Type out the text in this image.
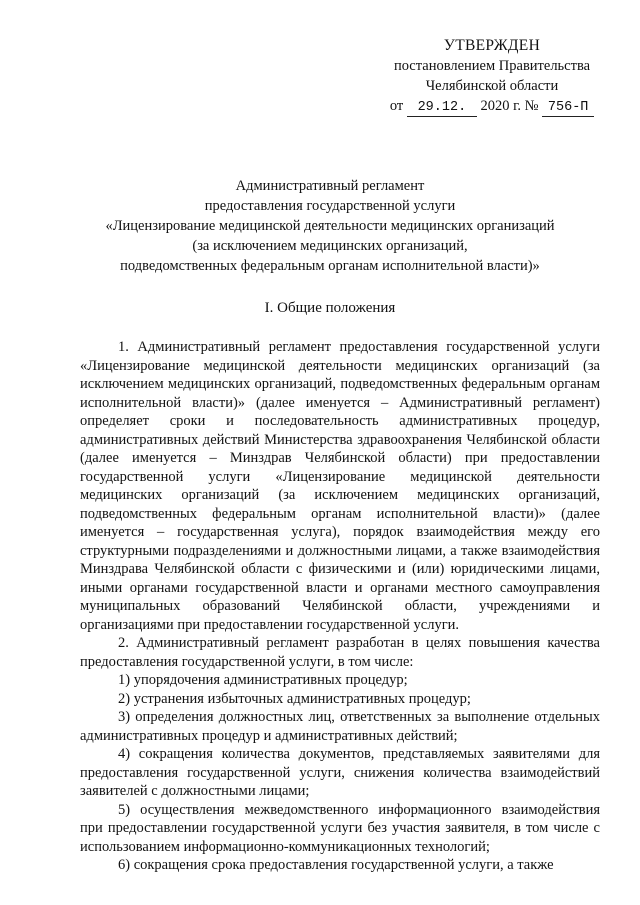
УТВЕРЖДЕН
постановлением Правительства
Челябинской области
от 29.12. 2020 г. № 756-П
Административный регламент
предоставления государственной услуги
«Лицензирование медицинской деятельности медицинских организаций
(за исключением медицинских организаций,
подведомственных федеральным органам исполнительной власти)»
I. Общие положения

1. Административный регламент предоставления государственной услуги «Лицензирование медицинской деятельности медицинских организаций (за исключением медицинских организаций, подведомственных федеральным органам исполнительной власти)» (далее именуется – Административный регламент) определяет сроки и последовательность административных процедур, административных действий Министерства здравоохранения Челябинской области (далее именуется – Минздрав Челябинской области) при предоставлении государственной услуги «Лицензирование медицинской деятельности медицинских организаций (за исключением медицинских организаций, подведомственных федеральным органам исполнительной власти)» (далее именуется – государственная услуга), порядок взаимодействия между его структурными подразделениями и должностными лицами, а также взаимодействия Минздрава Челябинской области с физическими и (или) юридическими лицами, иными органами государственной власти и органами местного самоуправления муниципальных образований Челябинской области, учреждениями и организациями при предоставлении государственной услуги.

2. Административный регламент разработан в целях повышения качества предоставления государственной услуги, в том числе:

1) упорядочения административных процедур;

2) устранения избыточных административных процедур;

3) определения должностных лиц, ответственных за выполнение отдельных административных процедур и административных действий;

4) сокращения количества документов, представляемых заявителями для предоставления государственной услуги, снижения количества взаимодействий заявителей с должностными лицами;

5) осуществления межведомственного информационного взаимодействия при предоставлении государственной услуги без участия заявителя, в том числе с использованием информационно-коммуникационных технологий;

6) сокращения срока предоставления государственной услуги, а также
